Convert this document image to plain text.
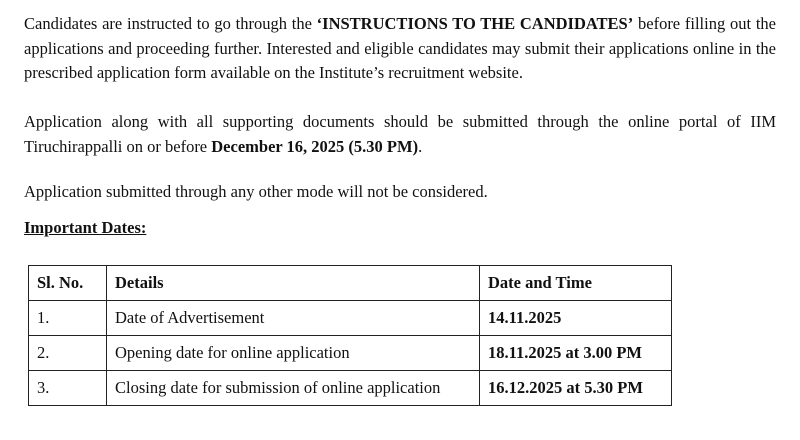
Candidates are instructed to go through the ‘INSTRUCTIONS TO THE CANDIDATES’ before filling out the applications and proceeding further. Interested and eligible candidates may submit their applications online in the prescribed application form available on the Institute’s recruitment website.

Application along with all supporting documents should be submitted through the online portal of IIM Tiruchirappalli on or before December 16, 2025 (5.30 PM).

Application submitted through any other mode will not be considered.

Important Dates:
Sl. No.	Details	Date and Time
1.	Date of Advertisement	14.11.2025
2.	Opening date for online application	18.11.2025 at 3.00 PM
3.	Closing date for submission of online application	16.12.2025 at 5.30 PM
